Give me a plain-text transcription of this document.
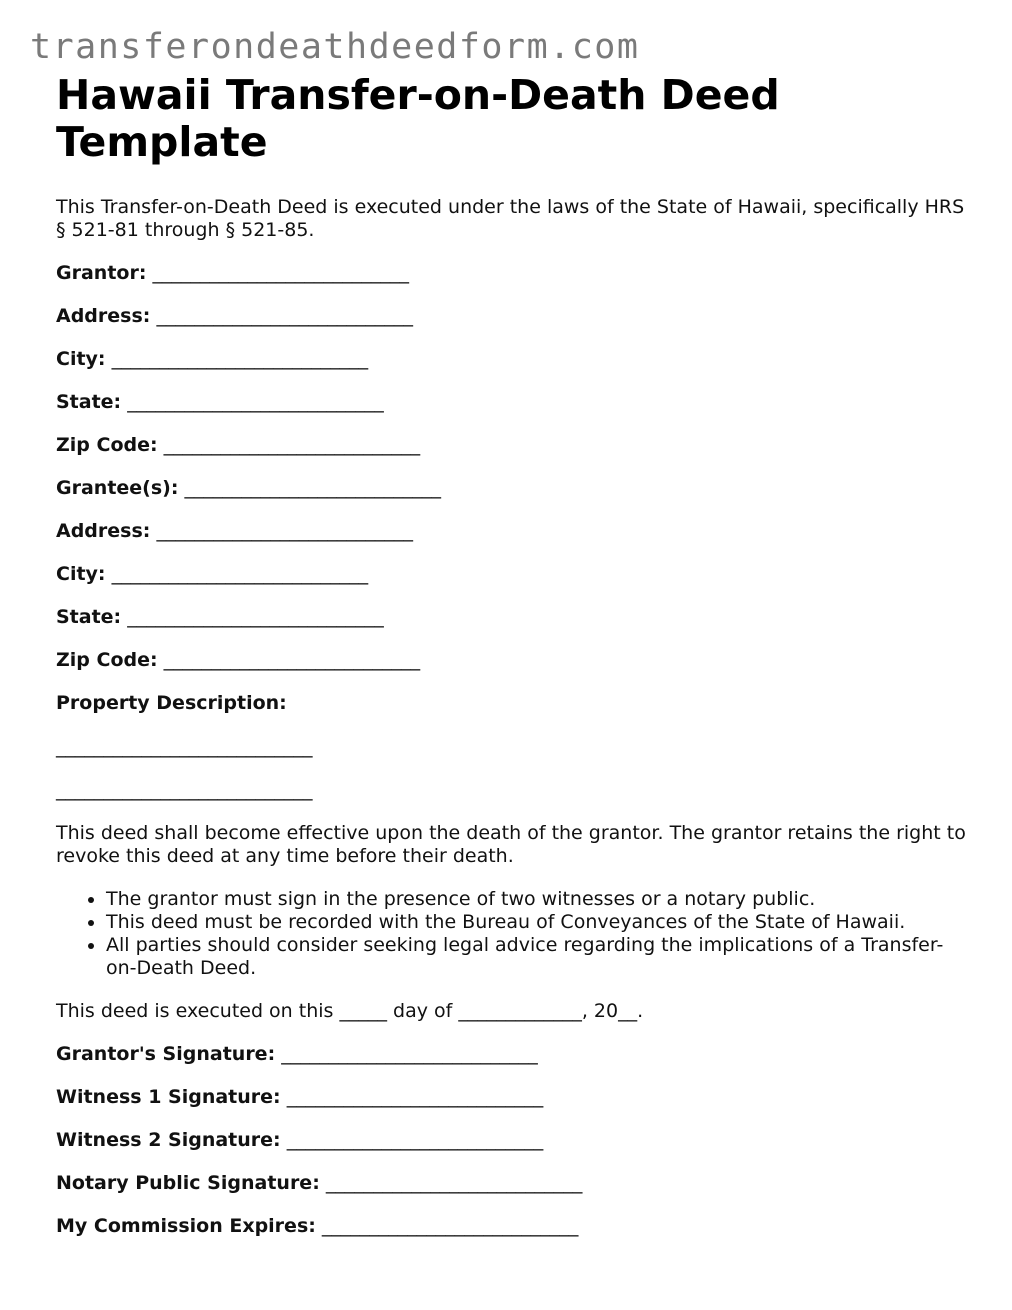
transferondeathdeedform.com
Hawaii Transfer-on-Death Deed Template

This Transfer-on-Death Deed is executed under the laws of the State of Hawaii, specifically HRS § 521-81 through § 521-85.

Grantor: ___________________________
Address: ___________________________
City: ___________________________
State: ___________________________
Zip Code: ___________________________
Grantee(s): ___________________________
Address: ___________________________
City: ___________________________
State: ___________________________
Zip Code: ___________________________
Property Description:
___________________________
___________________________

This deed shall become effective upon the death of the grantor. The grantor retains the right to revoke this deed at any time before their death.

• The grantor must sign in the presence of two witnesses or a notary public.
• This deed must be recorded with the Bureau of Conveyances of the State of Hawaii.
• All parties should consider seeking legal advice regarding the implications of a Transfer-on-Death Deed.

This deed is executed on this _____ day of _____________, 20__.

Grantor's Signature: ___________________________
Witness 1 Signature: ___________________________
Witness 2 Signature: ___________________________
Notary Public Signature: ___________________________
My Commission Expires: ___________________________
